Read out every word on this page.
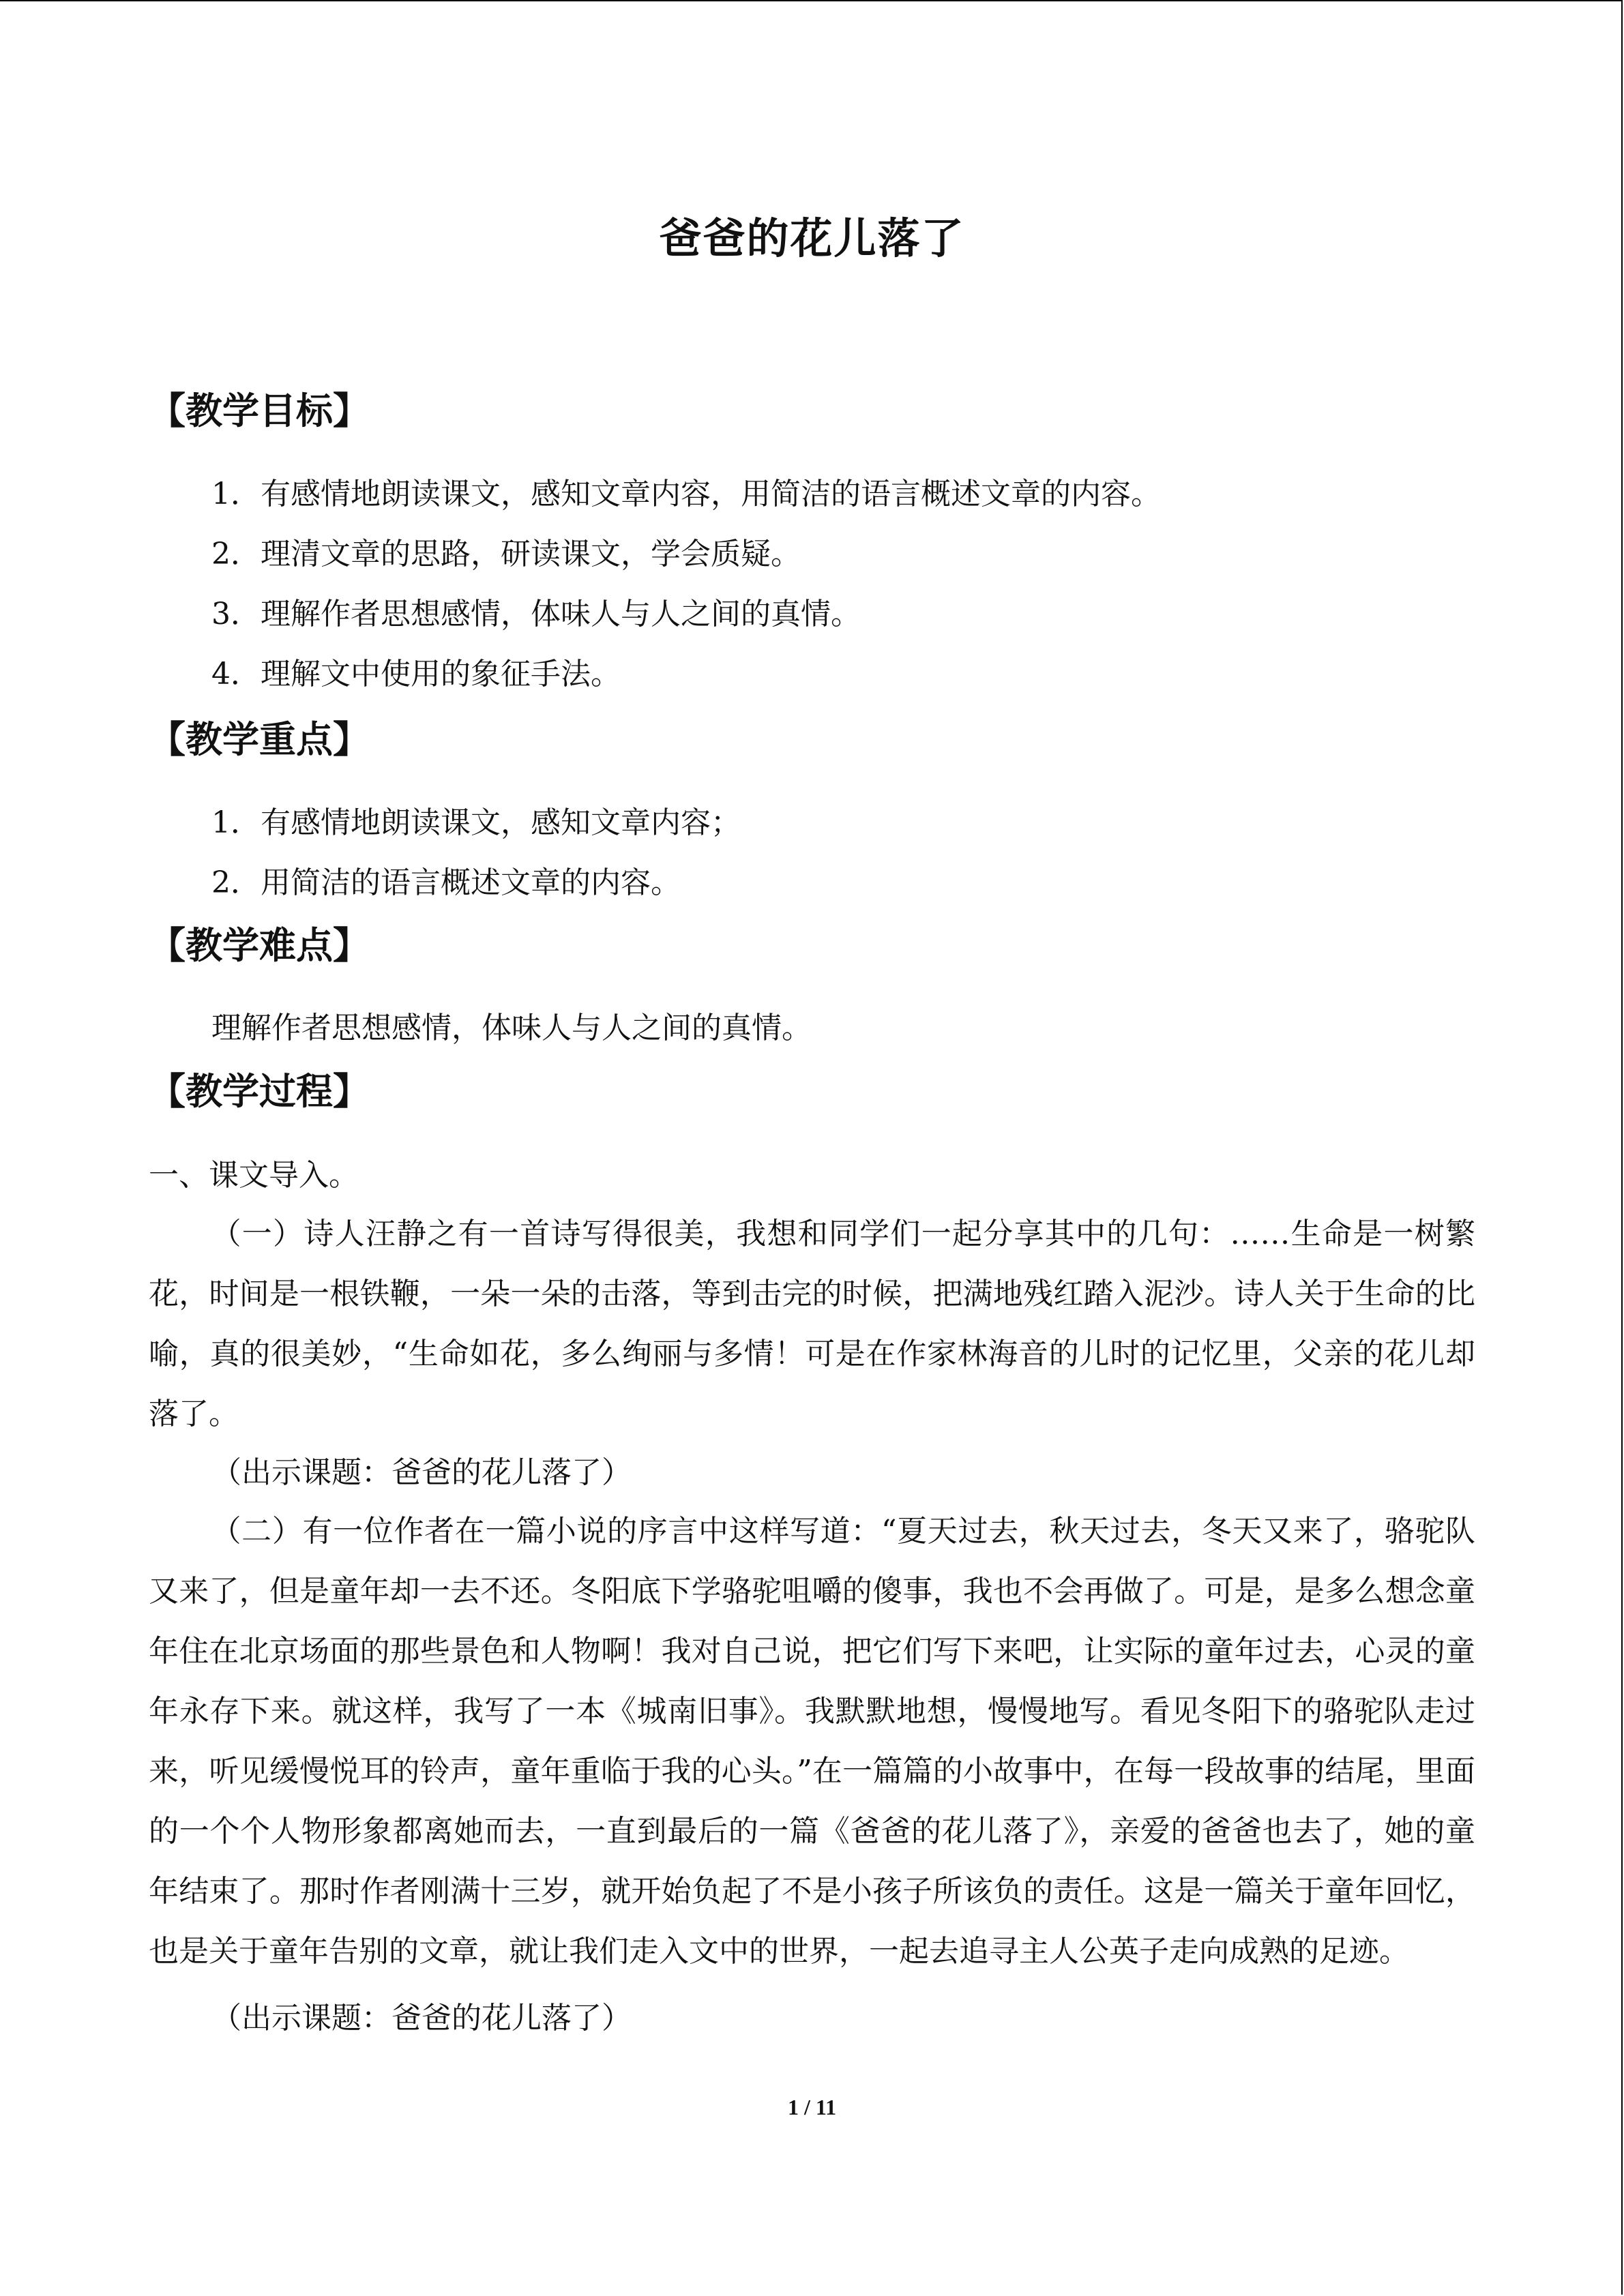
爸爸的花儿落了
【教学目标】
1．有感情地朗读课文，感知文章内容，用简洁的语言概述文章的内容。
2．理清文章的思路，研读课文，学会质疑。
3．理解作者思想感情，体味人与人之间的真情。
4．理解文中使用的象征手法。
【教学重点】
1．有感情地朗读课文，感知文章内容；
2．用简洁的语言概述文章的内容。
【教学难点】
理解作者思想感情，体味人与人之间的真情。
【教学过程】
一、课文导入。
（一）诗人汪静之有一首诗写得很美，我想和同学们一起分享其中的几句：……生命是一树繁花，时间是一根铁鞭，一朵一朵的击落，等到击完的时候，把满地残红踏入泥沙。诗人关于生命的比喻，真的很美妙，“生命如花，多么绚丽与多情！可是在作家林海音的儿时的记忆里，父亲的花儿却落了。
（出示课题：爸爸的花儿落了）
（二）有一位作者在一篇小说的序言中这样写道：“夏天过去，秋天过去，冬天又来了，骆驼队又来了，但是童年却一去不还。冬阳底下学骆驼咀嚼的傻事，我也不会再做了。可是，是多么想念童年住在北京场面的那些景色和人物啊！我对自己说，把它们写下来吧，让实际的童年过去，心灵的童年永存下来。就这样，我写了一本《城南旧事》。我默默地想，慢慢地写。看见冬阳下的骆驼队走过来，听见缓慢悦耳的铃声，童年重临于我的心头。”在一篇篇的小故事中，在每一段故事的结尾，里面的一个个人物形象都离她而去，一直到最后的一篇《爸爸的花儿落了》，亲爱的爸爸也去了，她的童年结束了。那时作者刚满十三岁，就开始负起了不是小孩子所该负的责任。这是一篇关于童年回忆，也是关于童年告别的文章，就让我们走入文中的世界，一起去追寻主人公英子走向成熟的足迹。
（出示课题：爸爸的花儿落了）
1 / 11
